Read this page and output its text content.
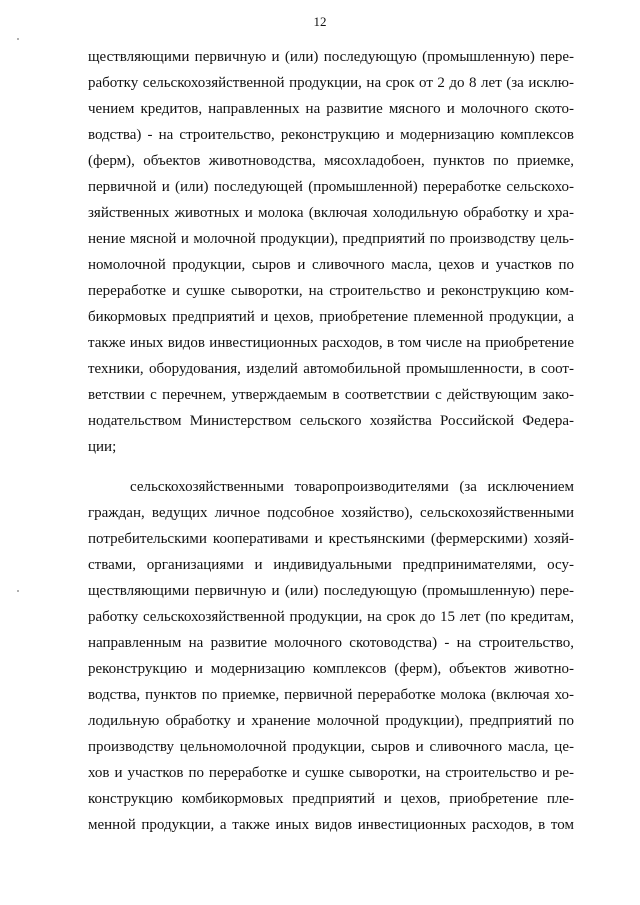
12
ществляющими первичную и (или) последующую (промышленную) пере-
работку сельскохозяйственной продукции, на срок от 2 до 8 лет (за исклю-
чением кредитов, направленных на развитие мясного и молочного ското-
водства) - на строительство, реконструкцию и модернизацию комплексов
(ферм), объектов животноводства, мясохладобоен, пунктов по приемке,
первичной и (или) последующей (промышленной) переработке сельскохо-
зяйственных животных и молока (включая холодильную обработку и хра-
нение мясной и молочной продукции), предприятий по производству цель-
номолочной продукции, сыров и сливочного масла, цехов и участков по
переработке и сушке сыворотки, на строительство и реконструкцию ком-
бикормовых предприятий и цехов, приобретение племенной продукции, а
также иных видов инвестиционных расходов, в том числе на приобретение
техники, оборудования, изделий автомобильной промышленности, в соот-
ветствии с перечнем, утверждаемым в соответствии с действующим зако-
нодательством Министерством сельского хозяйства Российской Федера-
ции;
сельскохозяйственными товаропроизводителями (за исключением
граждан, ведущих личное подсобное хозяйство), сельскохозяйственными
потребительскими кооперативами и крестьянскими (фермерскими) хозяй-
ствами, организациями и индивидуальными предпринимателями, осу-
ществляющими первичную и (или) последующую (промышленную) пере-
работку сельскохозяйственной продукции, на срок до 15 лет (по кредитам,
направленным на развитие молочного скотоводства) - на строительство,
реконструкцию и модернизацию комплексов (ферм), объектов животно-
водства, пунктов по приемке, первичной переработке молока (включая хо-
лодильную обработку и хранение молочной продукции), предприятий по
производству цельномолочной продукции, сыров и сливочного масла, це-
хов и участков по переработке и сушке сыворотки, на строительство и ре-
конструкцию комбикормовых предприятий и цехов, приобретение пле-
менной продукции, а также иных видов инвестиционных расходов, в том
